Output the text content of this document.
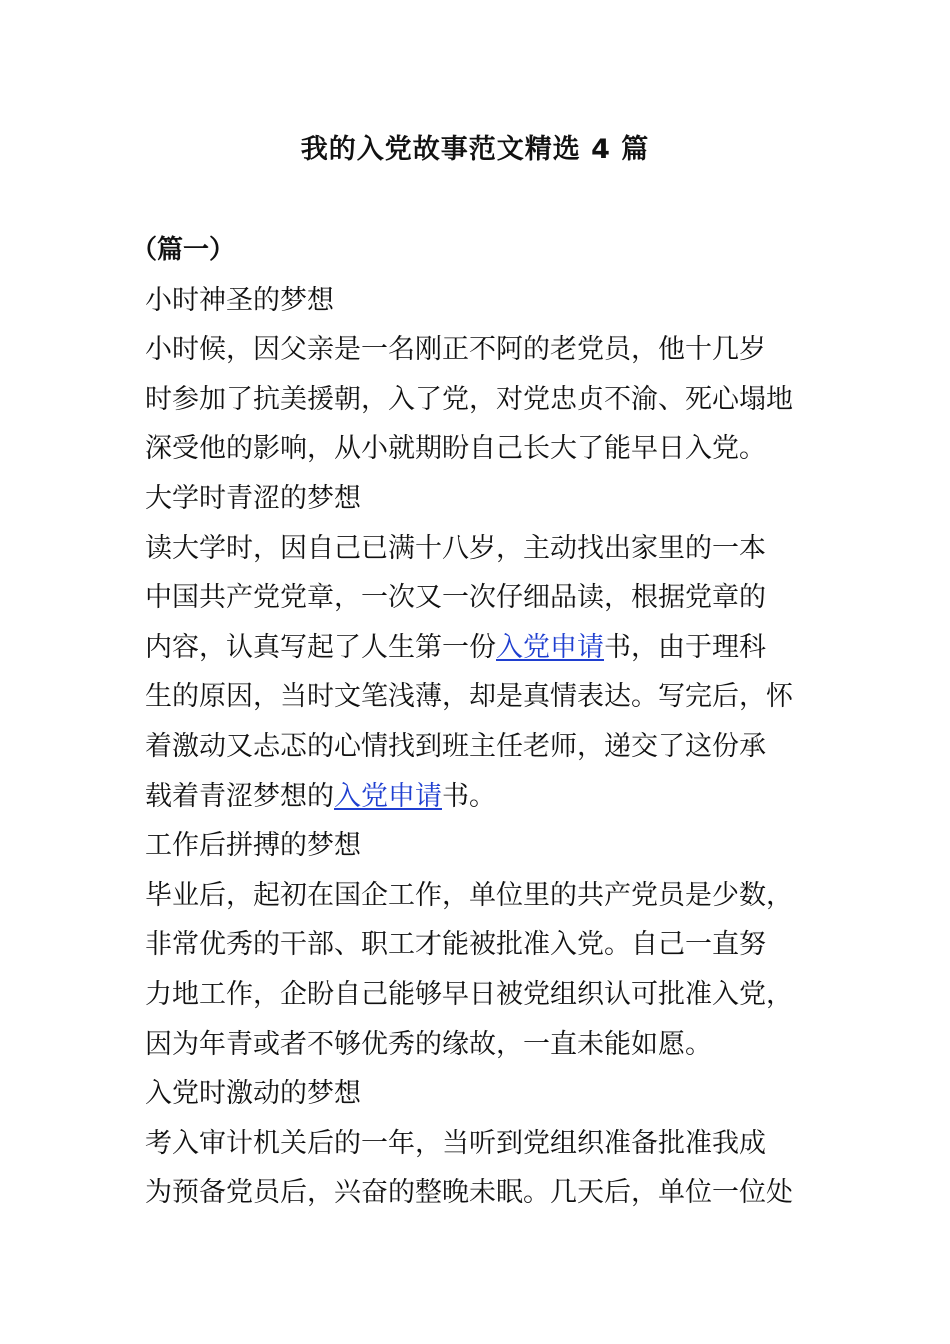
我的入党故事范文精选 4 篇
（篇一）
小时神圣的梦想
小时候，因父亲是一名刚正不阿的老党员，他十几岁
时参加了抗美援朝，入了党，对党忠贞不渝、死心塌地
深受他的影响，从小就期盼自己长大了能早日入党。
大学时青涩的梦想
读大学时，因自己已满十八岁，主动找出家里的一本
中国共产党党章，一次又一次仔细品读，根据党章的
内容，认真写起了人生第一份入党申请书，由于理科
生的原因，当时文笔浅薄，却是真情表达。写完后，怀
着激动又忐忑的心情找到班主任老师，递交了这份承
载着青涩梦想的入党申请书。
工作后拼搏的梦想
毕业后，起初在国企工作，单位里的共产党员是少数，
非常优秀的干部、职工才能被批准入党。自己一直努
力地工作，企盼自己能够早日被党组织认可批准入党，
因为年青或者不够优秀的缘故，一直未能如愿。
入党时激动的梦想
考入审计机关后的一年，当听到党组织准备批准我成
为预备党员后，兴奋的整晚未眠。几天后，单位一位处
